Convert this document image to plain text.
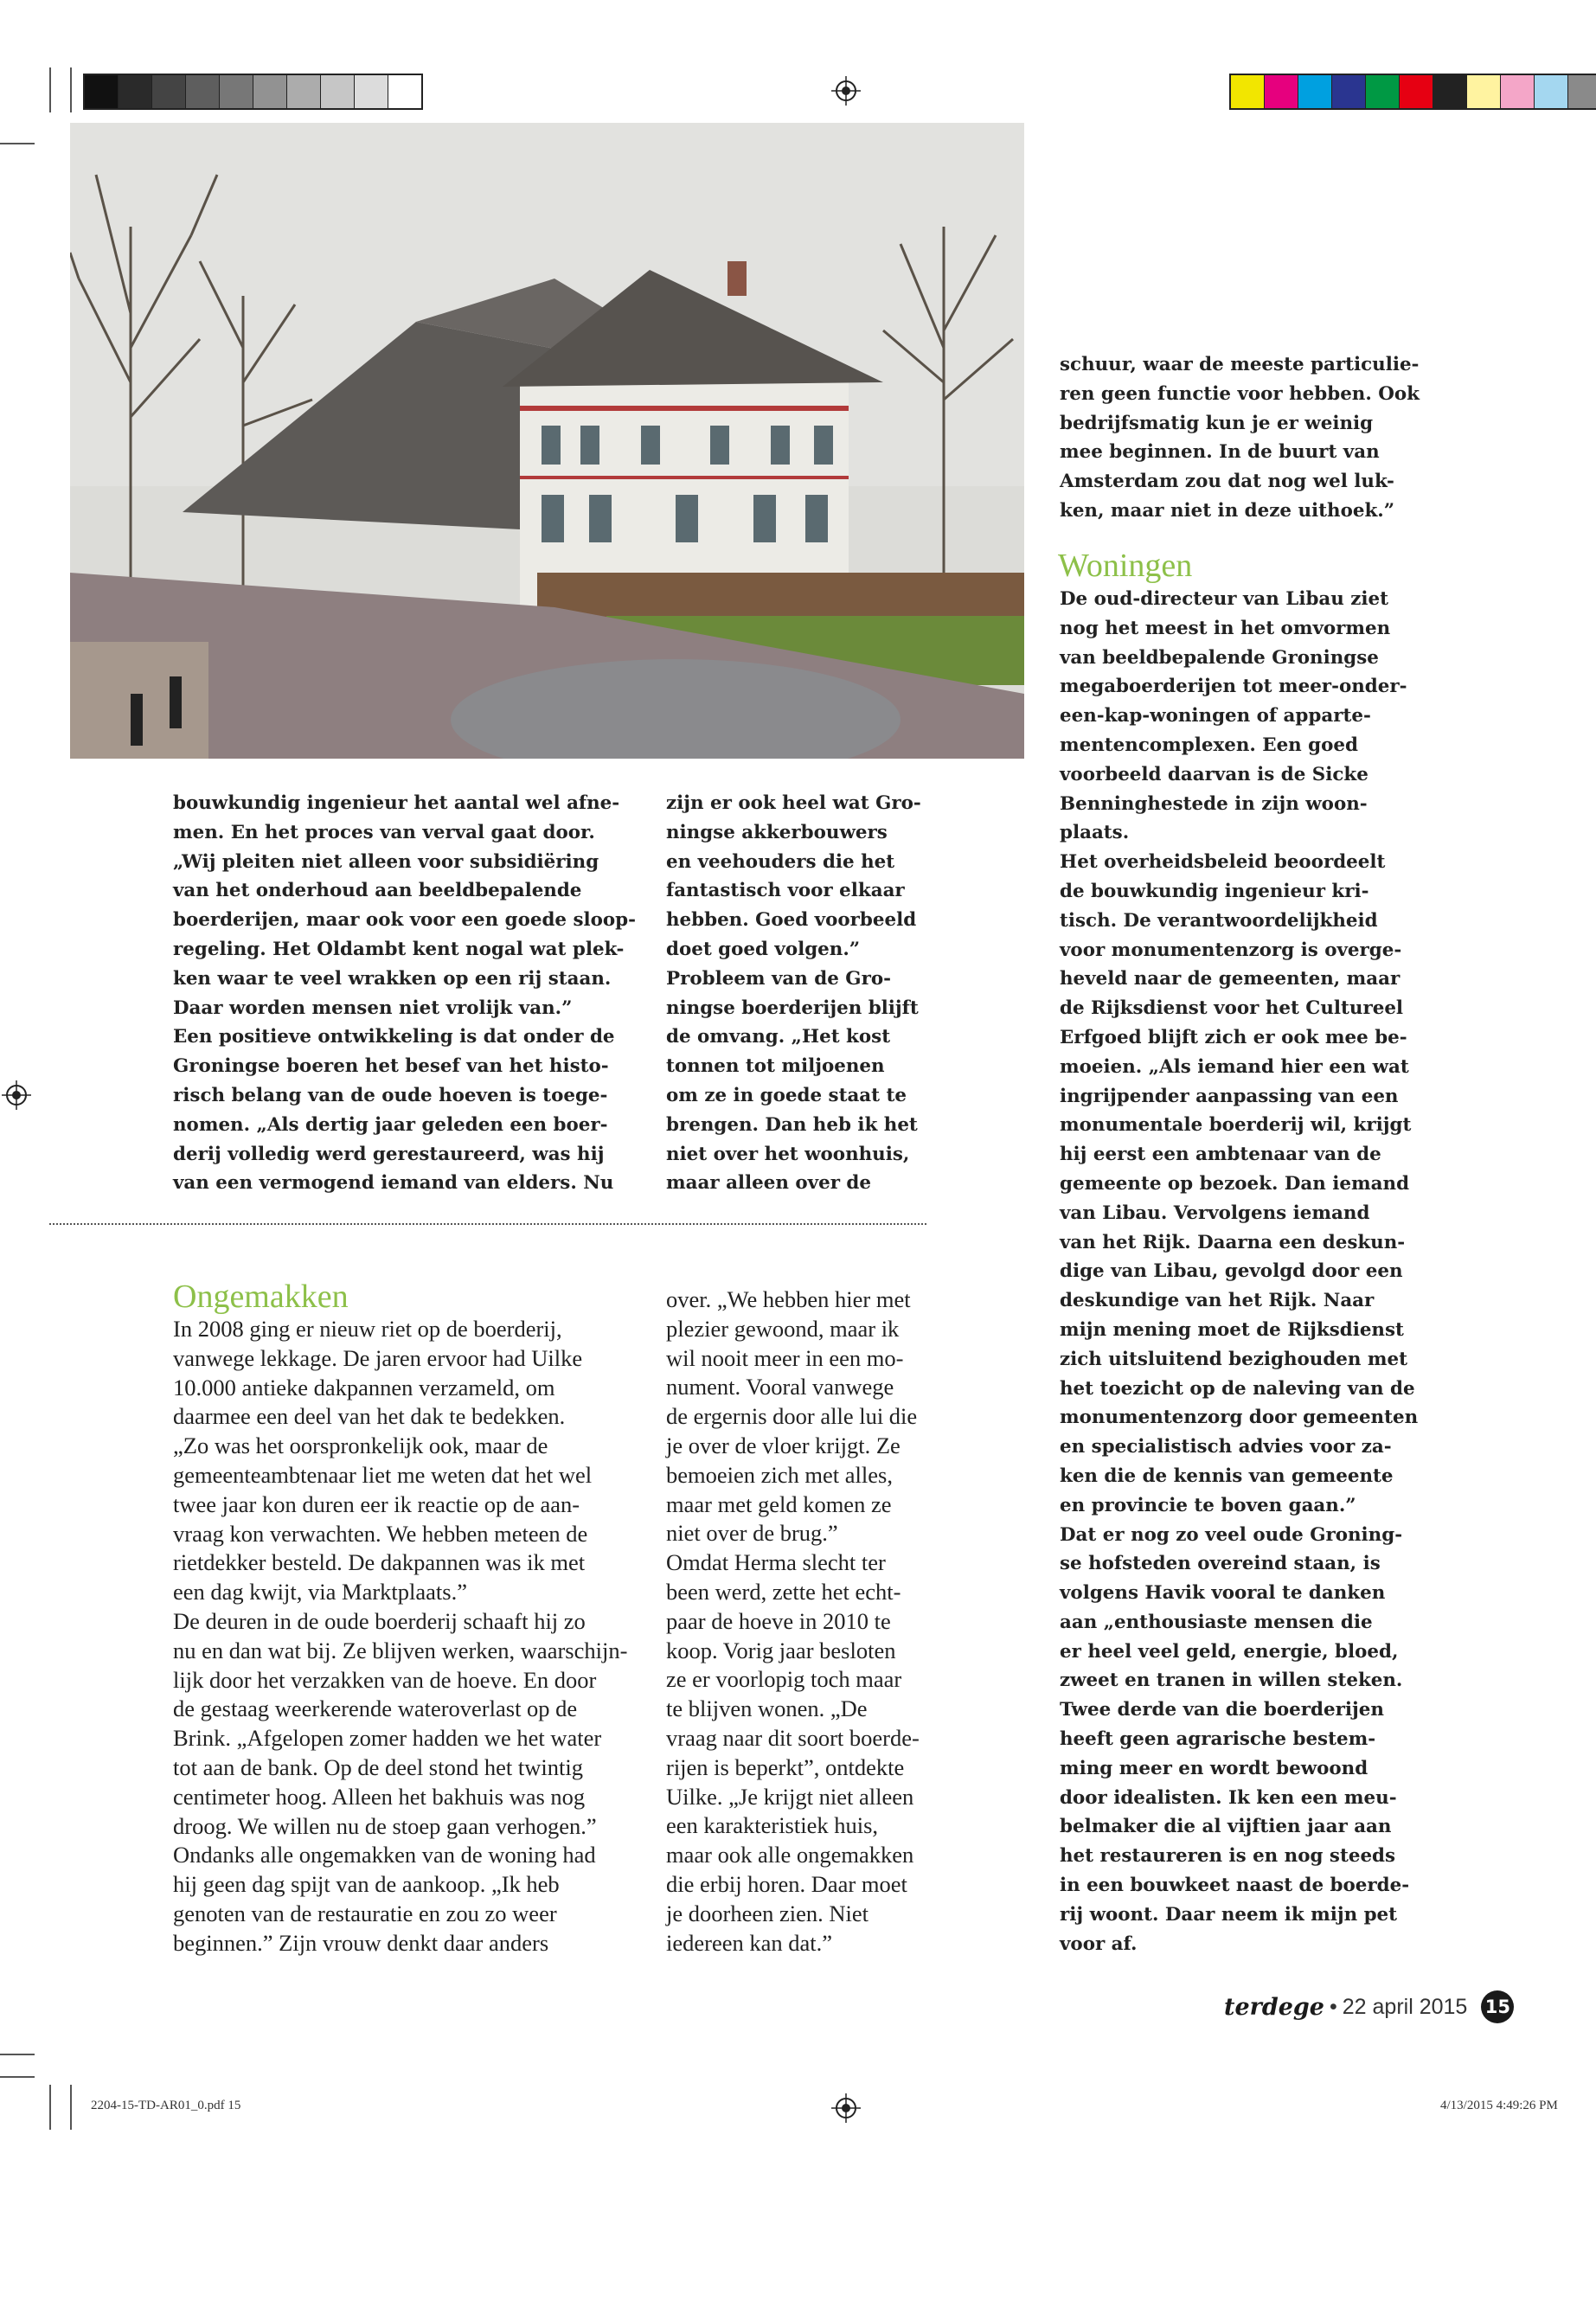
bouwkundig ingenieur het aantal wel afne-
men. En het proces van verval gaat door.
„Wij pleiten niet alleen voor subsidiëring
van het onderhoud aan beeldbepalende
boerderijen, maar ook voor een goede sloop-
regeling. Het Oldambt kent nogal wat plek-
ken waar te veel wrakken op een rij staan.
Daar worden mensen niet vrolijk van.”
Een positieve ontwikkeling is dat onder de
Groningse boeren het besef van het histo-
risch belang van de oude hoeven is toege-
nomen. „Als dertig jaar geleden een boer-
derij volledig werd gerestaureerd, was hij
van een vermogend iemand van elders. Nu
zijn er ook heel wat Gro-
ningse akkerbouwers
en veehouders die het
fantastisch voor elkaar
hebben. Goed voorbeeld
doet goed volgen.”
Probleem van de Gro-
ningse boerderijen blijft
de omvang. „Het kost
tonnen tot miljoenen
om ze in goede staat te
brengen. Dan heb ik het
niet over het woonhuis,
maar alleen over de
schuur, waar de meeste particulie-
ren geen functie voor hebben. Ook
bedrijfsmatig kun je er weinig
mee beginnen. In de buurt van
Amsterdam zou dat nog wel luk-
ken, maar niet in deze uithoek.”
Woningen
De oud-directeur van Libau ziet
nog het meest in het omvormen
van beeldbepalende Groningse
megaboerderijen tot meer-onder-
een-kap-woningen of apparte-
mentencomplexen. Een goed
voorbeeld daarvan is de Sicke
Benninghestede in zijn woon-
plaats.
Het overheidsbeleid beoordeelt
de bouwkundig ingenieur kri-
tisch. De verantwoordelijkheid
voor monumentenzorg is overge-
heveld naar de gemeenten, maar
de Rijksdienst voor het Cultureel
Erfgoed blijft zich er ook mee be-
moeien. „Als iemand hier een wat
ingrijpender aanpassing van een
monumentale boerderij wil, krijgt
hij eerst een ambtenaar van de
gemeente op bezoek. Dan iemand
van Libau. Vervolgens iemand
van het Rijk. Daarna een deskun-
dige van Libau, gevolgd door een
deskundige van het Rijk. Naar
mijn mening moet de Rijksdienst
zich uitsluitend bezighouden met
het toezicht op de naleving van de
monumentenzorg door gemeenten
en specialistisch advies voor za-
ken die de kennis van gemeente
en provincie te boven gaan.”
Dat er nog zo veel oude Groning-
se hofsteden overeind staan, is
volgens Havik vooral te danken
aan „enthousiaste mensen die
er heel veel geld, energie, bloed,
zweet en tranen in willen steken.
Twee derde van die boerderijen
heeft geen agrarische bestem-
ming meer en wordt bewoond
door idealisten. Ik ken een meu-
belmaker die al vijftien jaar aan
het restaureren is en nog steeds
in een bouwkeet naast de boerde-
rij woont. Daar neem ik mijn pet
voor af.
Ongemakken
In 2008 ging er nieuw riet op de boerderij,
vanwege lekkage. De jaren ervoor had Uilke
10.000 antieke dakpannen verzameld, om
daarmee een deel van het dak te bedekken.
„Zo was het oorspronkelijk ook, maar de
gemeenteambtenaar liet me weten dat het wel
twee jaar kon duren eer ik reactie op de aan-
vraag kon verwachten. We hebben meteen de
rietdekker besteld. De dakpannen was ik met
een dag kwijt, via Marktplaats.”
De deuren in de oude boerderij schaaft hij zo
nu en dan wat bij. Ze blijven werken, waarschijn-
lijk door het verzakken van de hoeve. En door
de gestaag weerkerende wateroverlast op de
Brink. „Afgelopen zomer hadden we het water
tot aan de bank. Op de deel stond het twintig
centimeter hoog. Alleen het bakhuis was nog
droog. We willen nu de stoep gaan verhogen.”
Ondanks alle ongemakken van de woning had
hij geen dag spijt van de aankoop. „Ik heb
genoten van de restauratie en zou zo weer
beginnen.” Zijn vrouw denkt daar anders
over. „We hebben hier met
plezier gewoond, maar ik
wil nooit meer in een mo-
nument. Vooral vanwege
de ergernis door alle lui die
je over de vloer krijgt. Ze
bemoeien zich met alles,
maar met geld komen ze
niet over de brug.”
Omdat Herma slecht ter
been werd, zette het echt-
paar de hoeve in 2010 te
koop. Vorig jaar besloten
ze er voorlopig toch maar
te blijven wonen. „De
vraag naar dit soort boerde-
rijen is beperkt”, ontdekte
Uilke. „Je krijgt niet alleen
een karakteristiek huis,
maar ook alle ongemakken
die erbij horen. Daar moet
je doorheen zien. Niet
iedereen kan dat.”
terdege • 22 april 2015 15
2204-15-TD-AR01_0.pdf 15	4/13/2015 4:49:26 PM
